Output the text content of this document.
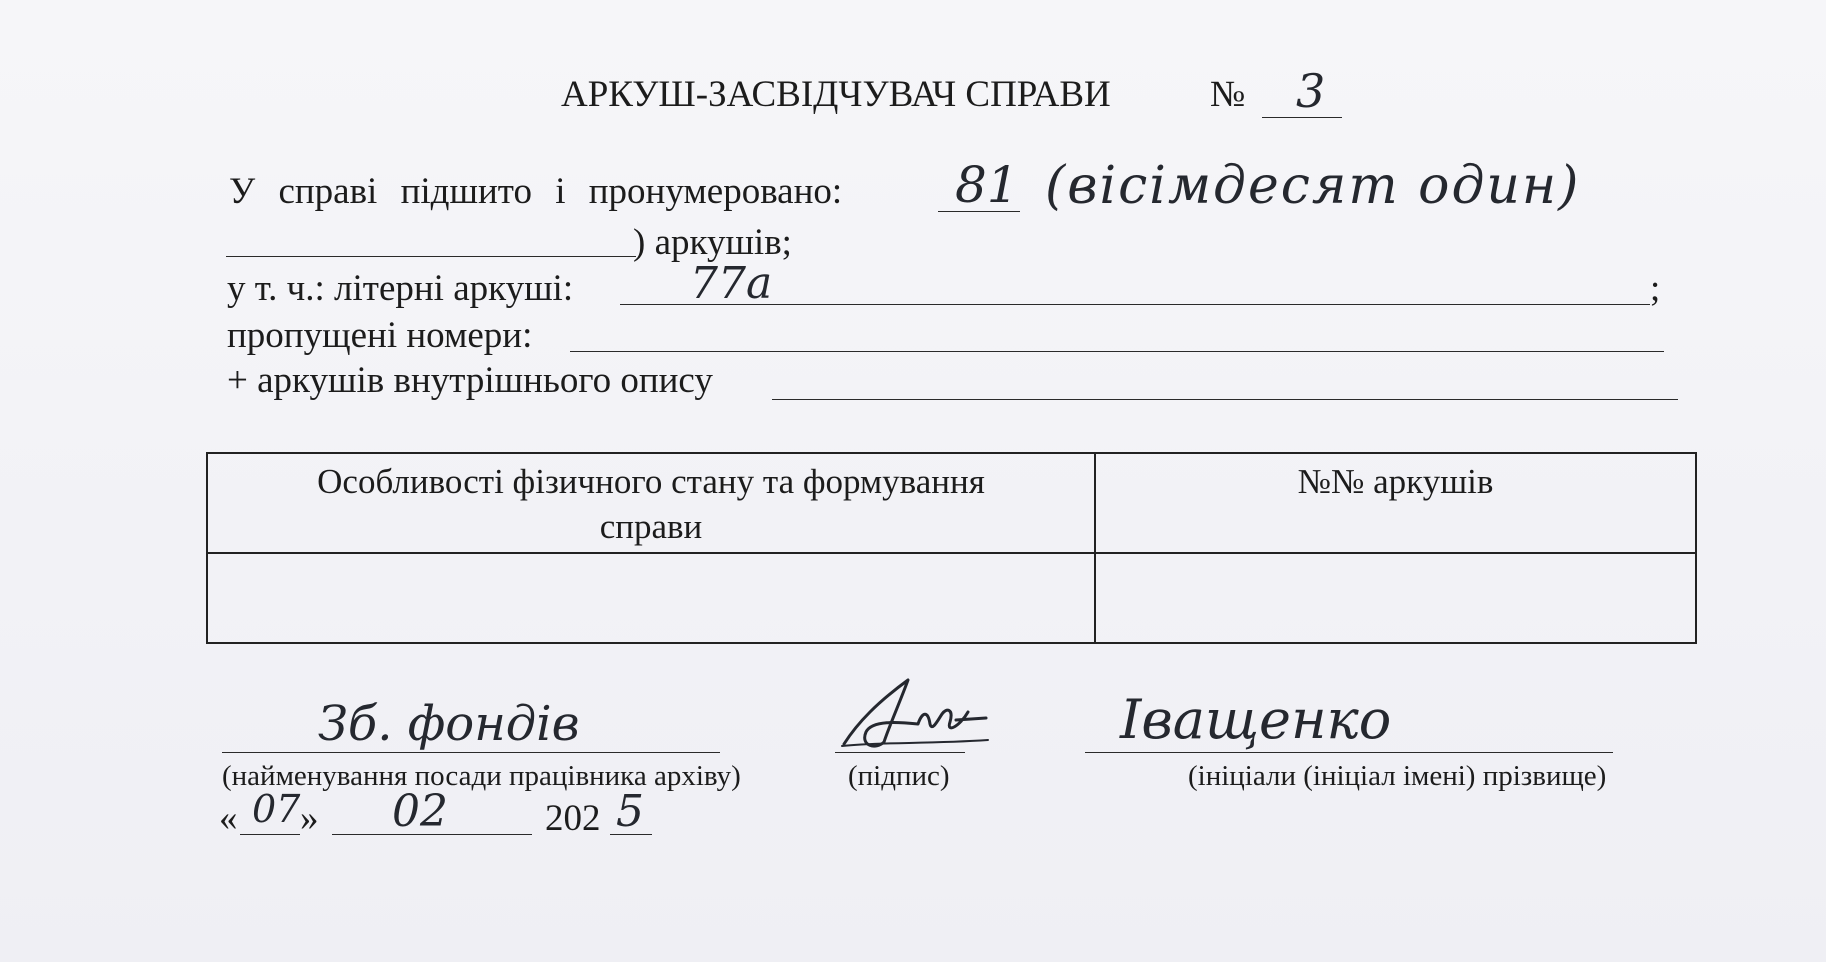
АРКУШ-ЗАСВІДЧУВАЧ СПРАВИ	№ 3
У справі підшито і пронумеровано: 81 (вісімдесят один)
) аркушів;
у т. ч.: літерні аркуші:	77а	;
пропущені номери:
+ аркушів внутрішнього опису
Особливості фізичного стану та формування справи	№№ аркушів

Зб. фондів
(найменування посади працівника архіву)	(підпис)
Іващенко
(ініціали (ініціал імені) прізвище)
« 07 » 02	202 5
